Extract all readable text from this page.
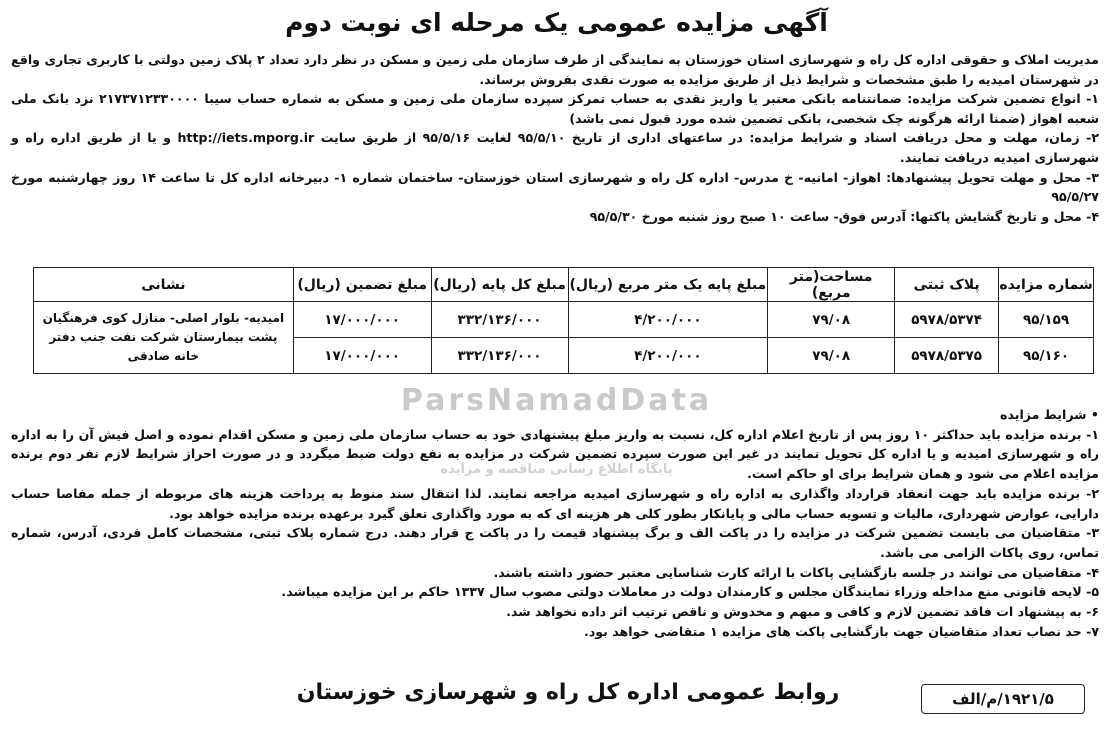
آگهی مزایده عمومی یک مرحله ای نوبت دوم

مدیریت املاک و حقوقی اداره کل راه و شهرسازی استان خوزستان به نمایندگی از طرف سازمان ملی زمین و مسکن در نظر دارد تعداد ۲ پلاک زمین دولتی با کاربری تجاری واقع در شهرستان امیدیه را طبق مشخصات و شرایط ذیل از طریق مزایده به صورت نقدی بفروش برساند.

۱- انواع تضمین شرکت مزایده: ضمانتنامه بانکی معتبر یا واریز نقدی به حساب تمرکز سپرده سازمان ملی زمین و مسکن به شماره حساب سیبا ۲۱۷۳۷۱۲۳۳۰۰۰۰ نزد بانک ملی شعبه اهواز (ضمنا ارائه هرگونه چک شخصی، بانکی تضمین شده مورد قبول نمی باشد)

۲- زمان، مهلت و محل دریافت اسناد و شرایط مزایده: در ساعتهای اداری از تاریخ ۹۵/۵/۱۰ لغایت ۹۵/۵/۱۶ از طریق سایت http://iets.mporg.ir و یا از طریق اداره راه و شهرسازی امیدیه دریافت نمایند.

۳- محل و مهلت تحویل پیشنهادها: اهواز- امانیه- خ مدرس- اداره کل راه و شهرسازی استان خوزستان- ساختمان شماره ۱- دبیرخانه اداره کل تا ساعت ۱۴ روز چهارشنبه مورخ ۹۵/۵/۲۷

۴- محل و تاریخ گشایش پاکتها: آدرس فوق- ساعت ۱۰ صبح روز شنبه مورخ ۹۵/۵/۳۰

شماره مزایده	پلاک ثبتی	مساحت(متر مربع)	مبلغ پایه یک متر مربع (ریال)	مبلغ کل پایه (ریال)	مبلغ تضمین (ریال)	نشانی
۹۵/۱۵۹	۵۹۷۸/۵۳۷۴	۷۹/۰۸	۴/۲۰۰/۰۰۰	۳۳۲/۱۳۶/۰۰۰	۱۷/۰۰۰/۰۰۰	امیدیه- بلوار اصلی- منازل کوی فرهنگیان پشت بیمارستان شرکت نفت جنب دفتر خانه صادقی
۹۵/۱۶۰	۵۹۷۸/۵۳۷۵	۷۹/۰۸	۴/۲۰۰/۰۰۰	۳۳۲/۱۳۶/۰۰۰	۱۷/۰۰۰/۰۰۰	
ParsNamadData
پایگاه اطلاع رسانی مناقصه و مزایده

• شرایط مزایده

۱- برنده مزایده باید حداکثر ۱۰ روز پس از تاریخ اعلام اداره کل، نسبت به واریز مبلغ پیشنهادی خود به حساب سازمان ملی زمین و مسکن اقدام نموده و اصل فیش آن را به اداره راه و شهرسازی امیدیه و یا اداره کل تحویل نمایند در غیر این صورت سپرده تضمین شرکت در مزایده به نفع دولت ضبط میگردد و در صورت احراز شرایط لازم نفر دوم برنده مزایده اعلام می شود و همان شرایط برای او حاکم است.

۲- برنده مزایده باید جهت انعقاد قرارداد واگذاری به اداره راه و شهرسازی امیدیه مراجعه نمایند. لذا انتقال سند منوط به پرداخت هزینه های مربوطه از جمله مفاصا حساب دارایی، عوارض شهرداری، مالیات و تسویه حساب مالی و پایانکار بطور کلی هر هزینه ای که به مورد واگذاری تعلق گیرد برعهده برنده مزایده خواهد بود.

۳- متقاضیان می بایست تضمین شرکت در مزایده را در پاکت الف و برگ پیشنهاد قیمت را در پاکت ج قرار دهند. درج شماره پلاک ثبتی، مشخصات کامل فردی، آدرس، شماره تماس، روی پاکات الزامی می باشد.

۴- متقاضیان می توانند در جلسه بازگشایی پاکات با ارائه کارت شناسایی معتبر حضور داشته باشند.

۵- لایحه قانونی منع مداخله وزراء نمایندگان مجلس و کارمندان دولت در معاملات دولتی مصوب سال ۱۳۳۷ حاکم بر این مزایده میباشد.

۶- به پیشنهاد ات فاقد تضمین لازم و کافی و مبهم و مخدوش و ناقص ترتیب اثر داده نخواهد شد.

۷- حد نصاب تعداد متقاضیان جهت بازگشایی پاکت های مزایده ۱ متقاضی خواهد بود.

روابط عمومی اداره کل راه و شهرسازی خوزستان	۱۹۲۱/۵/م/الف
